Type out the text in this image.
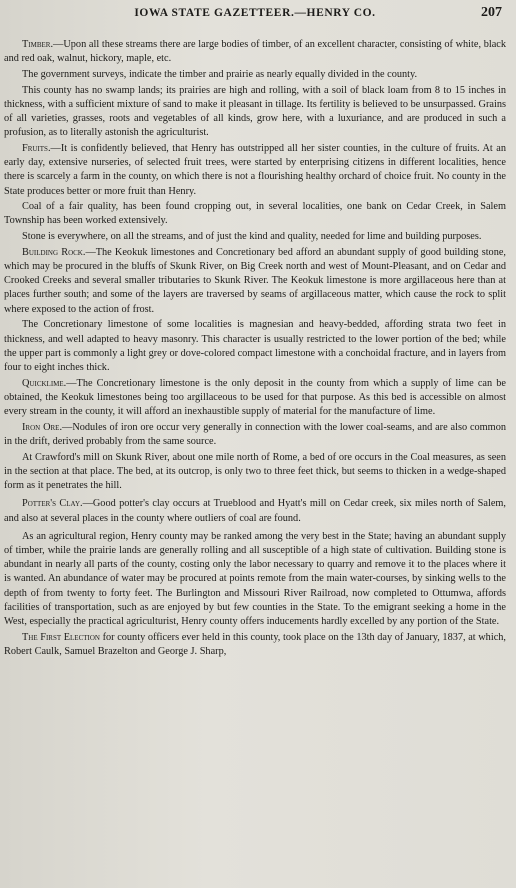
IOWA STATE GAZETTEER.—HENRY CO.	207

Timber.—Upon all these streams there are large bodies of timber, of an excellent character, consisting of white, black and red oak, walnut, hickory, maple, etc.

The government surveys, indicate the timber and prairie as nearly equally divided in the county.

This county has no swamp lands; its prairies are high and rolling, with a soil of black loam from 8 to 15 inches in thickness, with a sufficient mixture of sand to make it pleasant in tillage. Its fertility is believed to be unsurpassed. Grains of all varieties, grasses, roots and vegetables of all kinds, grow here, with a luxuriance, and are produced in such a profusion, as to literally astonish the agriculturist.

Fruits.—It is confidently believed, that Henry has outstripped all her sister counties, in the culture of fruits. At an early day, extensive nurseries, of selected fruit trees, were started by enterprising citizens in different localities, hence there is scarcely a farm in the county, on which there is not a flourishing healthy orchard of choice fruit. No county in the State produces better or more fruit than Henry.

Coal of a fair quality, has been found cropping out, in several localities, one bank on Cedar Creek, in Salem Township has been worked extensively.

Stone is everywhere, on all the streams, and of just the kind and quality, needed for lime and building purposes.

Building Rock.—The Keokuk limestones and Concretionary bed afford an abundant supply of good building stone, which may be procured in the bluffs of Skunk River, on Big Creek north and west of Mount-Pleasant, and on Cedar and Crooked Creeks and several smaller tributaries to Skunk River. The Keokuk limestone is more argillaceous here than at places further south; and some of the layers are traversed by seams of argillaceous matter, which cause the rock to split where exposed to the action of frost.

The Concretionary limestone of some localities is magnesian and heavy-bedded, affording strata two feet in thickness, and well adapted to heavy masonry. This character is usually restricted to the lower portion of the bed; while the upper part is commonly a light grey or dove-colored compact limestone with a conchoidal fracture, and in layers from four to eight inches thick.

Quicklime.—The Concretionary limestone is the only deposit in the county from which a supply of lime can be obtained, the Keokuk limestones being too argillaceous to be used for that purpose. As this bed is accessible on almost every stream in the county, it will afford an inexhaustible supply of material for the manufacture of lime.

Iron Ore.—Nodules of iron ore occur very generally in connection with the lower coal-seams, and are also common in the drift, derived probably from the same source.

At Crawford's mill on Skunk River, about one mile north of Rome, a bed of ore occurs in the Coal measures, as seen in the section at that place. The bed, at its outcrop, is only two to three feet thick, but seems to thicken in a wedge-shaped form as it penetrates the hill.

Potter's Clay.—Good potter's clay occurs at Trueblood and Hyatt's mill on Cedar creek, six miles north of Salem, and also at several places in the county where outliers of coal are found.

As an agricultural region, Henry county may be ranked among the very best in the State; having an abundant supply of timber, while the prairie lands are generally rolling and all susceptible of a high state of cultivation. Building stone is abundant in nearly all parts of the county, costing only the labor necessary to quarry and remove it to the places where it is wanted. An abundance of water may be procured at points remote from the main water-courses, by sinking wells to the depth of from twenty to forty feet. The Burlington and Missouri River Railroad, now completed to Ottumwa, affords facilities of transportation, such as are enjoyed by but few counties in the State. To the emigrant seeking a home in the West, especially the practical agriculturist, Henry county offers inducements hardly excelled by any portion of the State.

The First Election for county officers ever held in this county, took place on the 13th day of January, 1837, at which, Robert Caulk, Samuel Brazelton and George J. Sharp,
